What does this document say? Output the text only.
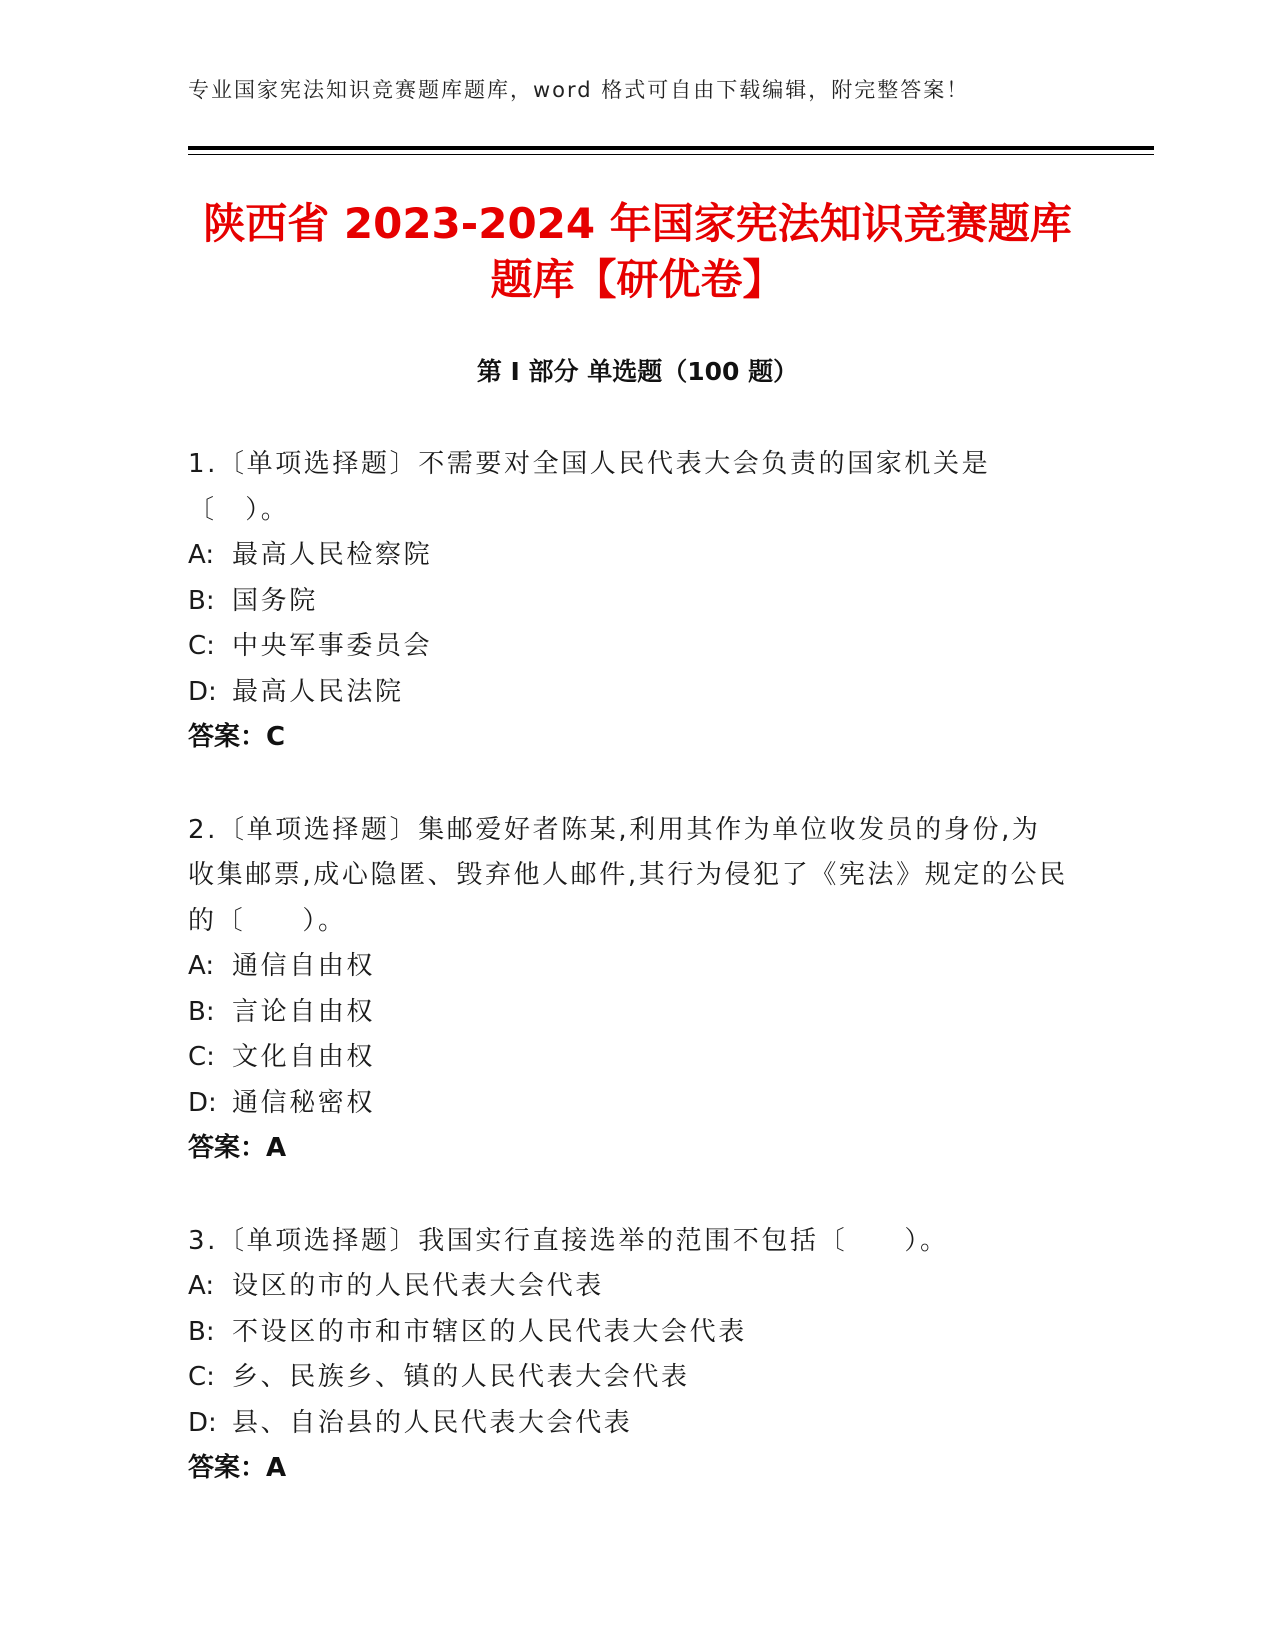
专业国家宪法知识竞赛题库题库，word 格式可自由下载编辑，附完整答案！
陕西省 2023-2024 年国家宪法知识竞赛题库
题库【研优卷】
第 I 部分 单选题（100 题）

1.〔单项选择题〕不需要对全国人民代表大会负责的国家机关是〔　）。

A: 最高人民检察院
B: 国务院
C: 中央军事委员会
D: 最高人民法院
答案：C

2.〔单项选择题〕集邮爱好者陈某,利用其作为单位收发员的身份,为收集邮票,成心隐匿、毁弃他人邮件,其行为侵犯了《宪法》规定的公民的〔　　）。

A: 通信自由权
B: 言论自由权
C: 文化自由权
D: 通信秘密权
答案：A

3.〔单项选择题〕我国实行直接选举的范围不包括〔　　）。

A: 设区的市的人民代表大会代表
B: 不设区的市和市辖区的人民代表大会代表
C: 乡、民族乡、镇的人民代表大会代表
D: 县、自治县的人民代表大会代表
答案：A
